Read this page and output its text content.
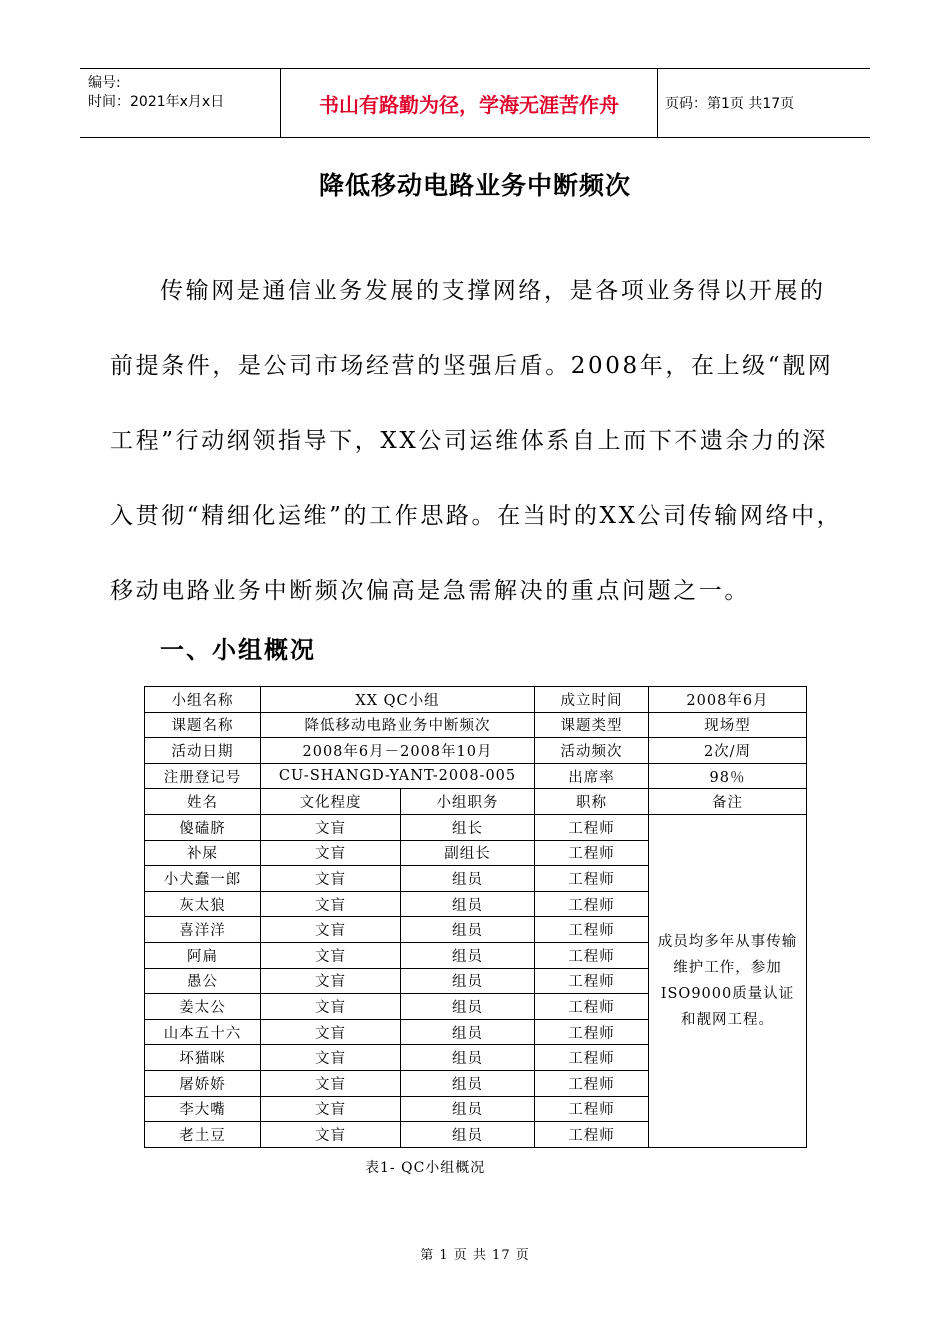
编号:
时间：2021年x月x日	书山有路勤为径，学海无涯苦作舟	页码：第1页 共17页
降低移动电路业务中断频次
传输网是通信业务发展的支撑网络，是各项业务得以开展的
前提条件，是公司市场经营的坚强后盾。2008年，在上级“靓网
工程”行动纲领指导下，XX公司运维体系自上而下不遗余力的深
入贯彻“精细化运维”的工作思路。在当时的XX公司传输网络中，
移动电路业务中断频次偏高是急需解决的重点问题之一。
一、小组概况
小组名称	XX QC小组		成立时间	2008年6月
课题名称	降低移动电路业务中断频次		课题类型	现场型
活动日期	2008年6月－2008年10月		活动频次	2次/周
注册登记号	CU-SHANGD-YANT-2008-005		出席率	98％
姓名	文化程度	小组职务	职称	备注
傻磕脐	文盲	组长	工程师	成员均多年从事传输维护工作，参加ISO9000质量认证和靓网工程。
补屎	文盲	副组长	工程师	
小犬蠢一郎	文盲	组员	工程师	
灰太狼	文盲	组员	工程师	
喜洋洋	文盲	组员	工程师	
阿扁	文盲	组员	工程师	
愚公	文盲	组员	工程师	
姜太公	文盲	组员	工程师	
山本五十六	文盲	组员	工程师	
坏猫咪	文盲	组员	工程师	
屠娇娇	文盲	组员	工程师	
李大嘴	文盲	组员	工程师	
老土豆	文盲	组员	工程师	
表1- QC小组概况
第 1 页 共 17 页
